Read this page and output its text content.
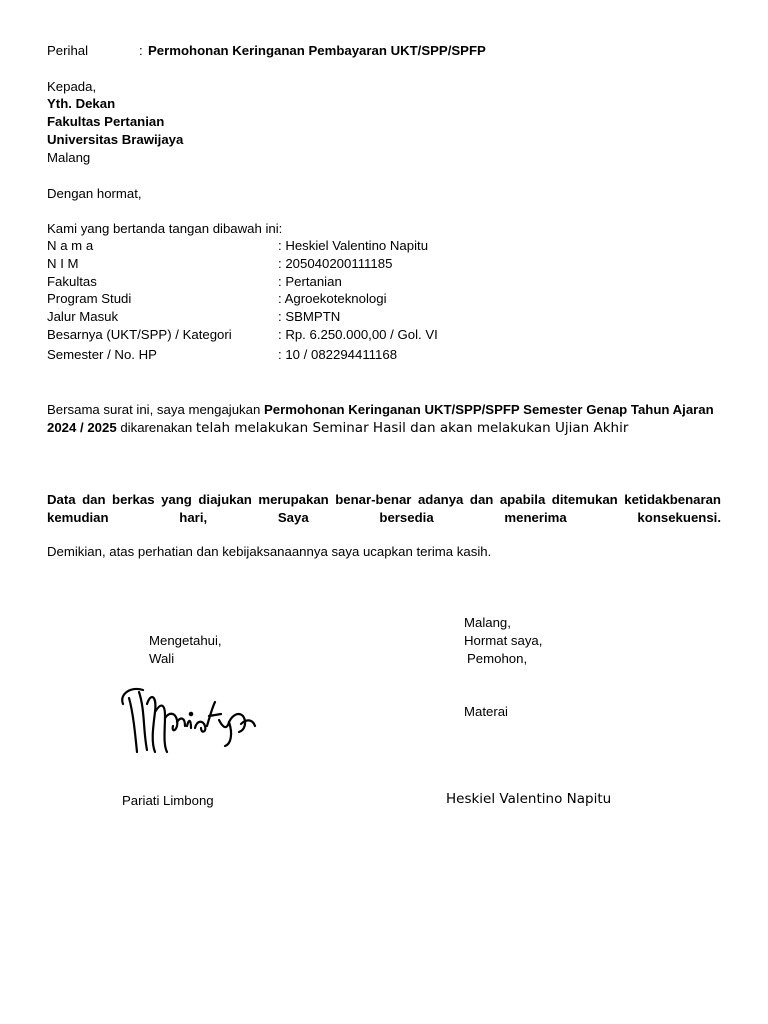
Perihal	: Permohonan Keringanan Pembayaran UKT/SPP/SPFP
Kepada,
Yth. Dekan
Fakultas Pertanian
Universitas Brawijaya
Malang
Dengan hormat,
Kami yang bertanda tangan dibawah ini:
N a m a	: Heskiel Valentino Napitu
N I M	: 205040200111185
Fakultas	: Pertanian
Program Studi	: Agroekoteknologi
Jalur Masuk	: SBMPTN
Besarnya (UKT/SPP) / Kategori	: Rp. 6.250.000,00 / Gol. VI
Semester / No. HP	: 10 / 082294411168
Bersama surat ini, saya mengajukan Permohonan Keringanan UKT/SPP/SPFP Semester Genap Tahun Ajaran 2024 / 2025 dikarenakan telah melakukan Seminar Hasil dan akan melakukan Ujian Akhir
Data dan berkas yang diajukan merupakan benar-benar adanya dan apabila ditemukan ketidakbenaran kemudian hari, Saya bersedia menerima konsekuensi.
Demikian, atas perhatian dan kebijaksanaannya saya ucapkan terima kasih.
Malang,
Hormat saya,
Pemohon,
Materai
Heskiel Valentino Napitu
Mengetahui,
Wali
Pariati Limbong
